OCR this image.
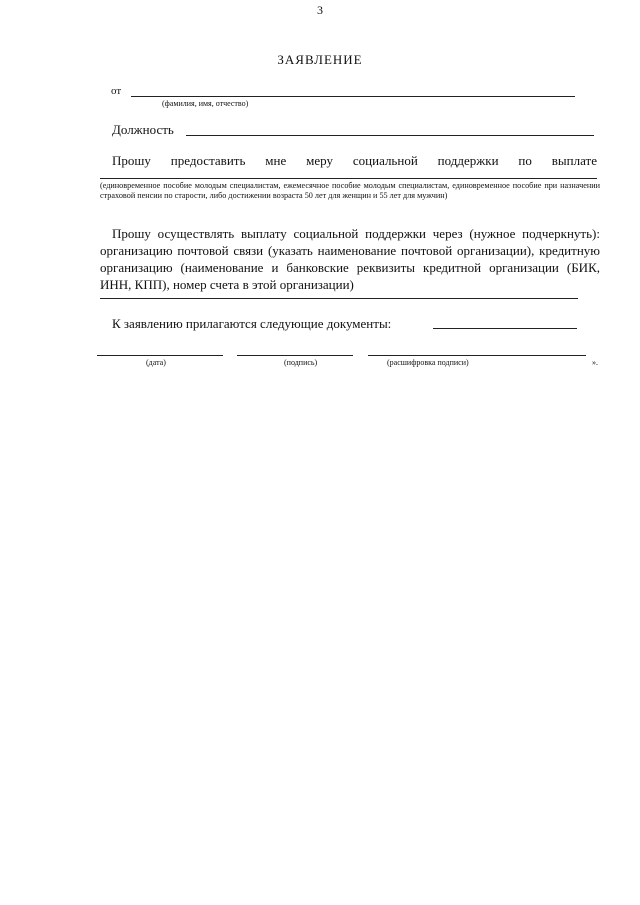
3
ЗАЯВЛЕНИЕ
от
(фамилия, имя, отчество)
Должность
Прошу предоставить мне меру социальной поддержки по выплате
(единовременное пособие молодым специалистам, ежемесячное пособие молодым специалистам, единовременное пособие при назначении страховой пенсии по старости, либо достижении возраста 50 лет для женщин и 55 лет для мужчин)
Прошу осуществлять выплату социальной поддержки через (нужное подчеркнуть): организацию почтовой связи (указать наименование почтовой организации), кредитную организацию (наименование и банковские реквизиты кредитной организации (БИК, ИНН, КПП), номер счета в этой организации)
К заявлению прилагаются следующие документы:
(дата)	(подпись)	(расшифровка подписи)	».
